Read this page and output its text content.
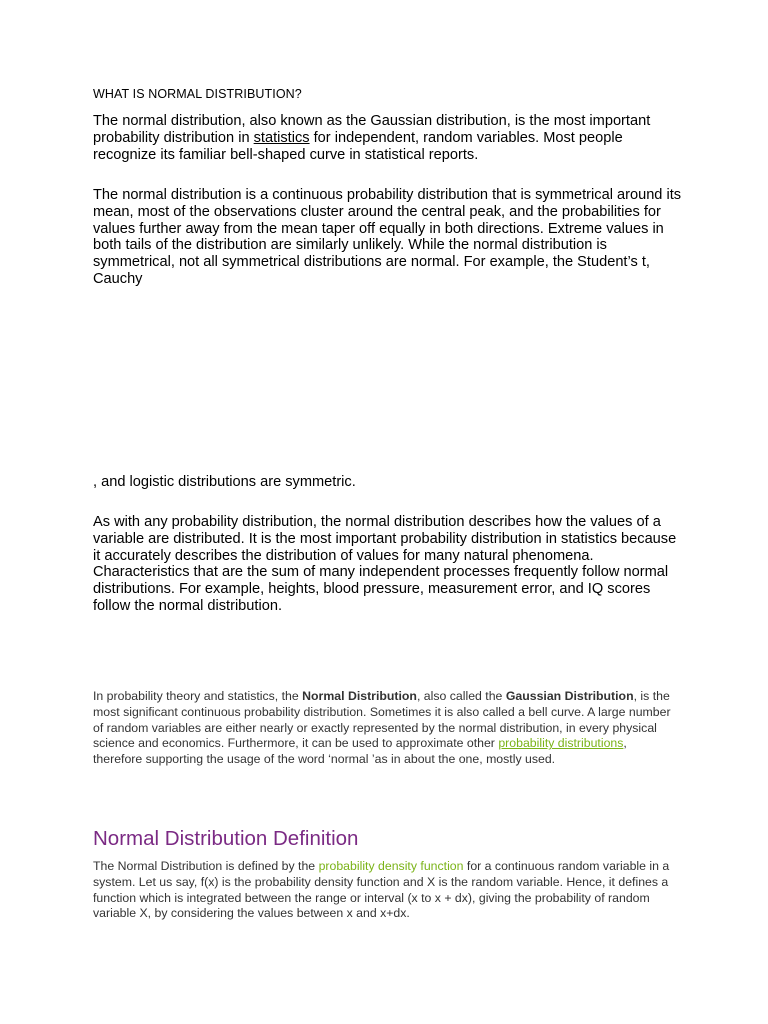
WHAT IS NORMAL DISTRIBUTION?

The normal distribution, also known as the Gaussian distribution, is the most important probability distribution in statistics for independent, random variables. Most people recognize its familiar bell-shaped curve in statistical reports.

The normal distribution is a continuous probability distribution that is symmetrical around its mean, most of the observations cluster around the central peak, and the probabilities for values further away from the mean taper off equally in both directions. Extreme values in both tails of the distribution are similarly unlikely. While the normal distribution is symmetrical, not all symmetrical distributions are normal. For example, the Student’s t, Cauchy

, and logistic distributions are symmetric.

As with any probability distribution, the normal distribution describes how the values of a variable are distributed. It is the most important probability distribution in statistics because it accurately describes the distribution of values for many natural phenomena. Characteristics that are the sum of many independent processes frequently follow normal distributions. For example, heights, blood pressure, measurement error, and IQ scores follow the normal distribution.

In probability theory and statistics, the Normal Distribution, also called the Gaussian Distribution, is the most significant continuous probability distribution. Sometimes it is also called a bell curve. A large number of random variables are either nearly or exactly represented by the normal distribution, in every physical science and economics. Furthermore, it can be used to approximate other probability distributions, therefore supporting the usage of the word ‘normal ’as in about the one, mostly used.

Normal Distribution Definition

The Normal Distribution is defined by the probability density function for a continuous random variable in a system. Let us say, f(x) is the probability density function and X is the random variable. Hence, it defines a function which is integrated between the range or interval (x to x + dx), giving the probability of random variable X, by considering the values between x and x+dx.
